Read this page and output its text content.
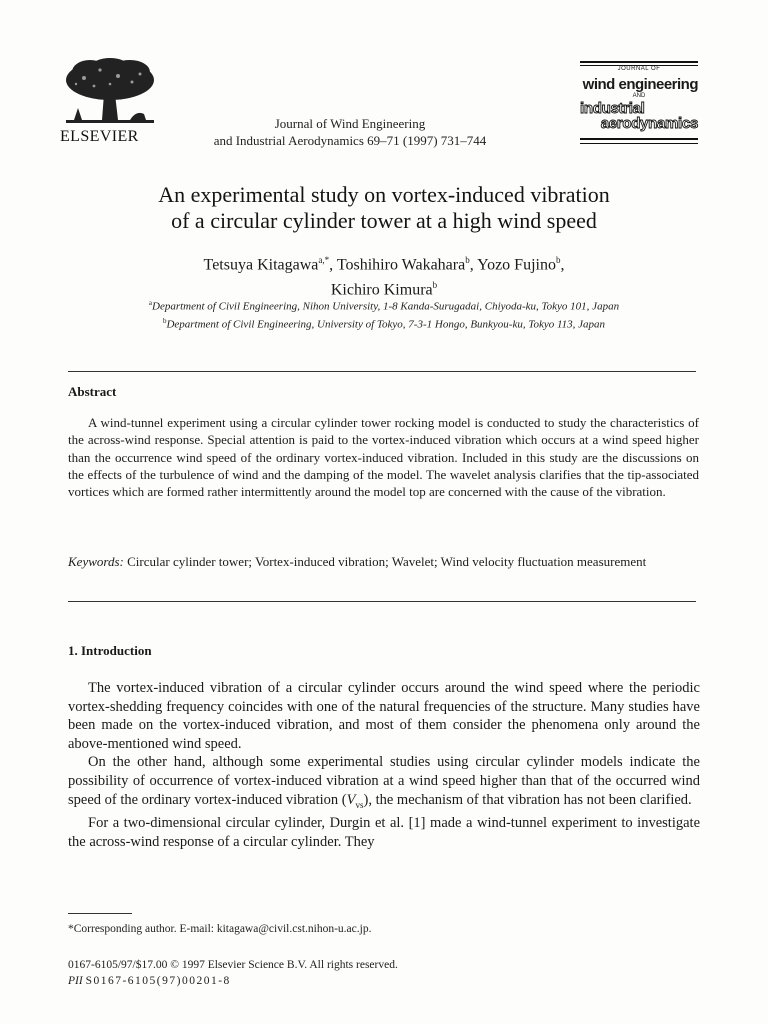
ELSEVIER
Journal of Wind Engineering
and Industrial Aerodynamics 69–71 (1997) 731–744
JOURNAL OF
wind engineering
AND
industrial
aerodynamics
An experimental study on vortex-induced vibration
of a circular cylinder tower at a high wind speed
Tetsuya Kitagawa$^{a,*}$, Toshihiro Wakahara$^b$, Yozo Fujino$^b$,
Kichiro Kimura$^b$
$^a$Department of Civil Engineering, Nihon University, 1-8 Kanda-Surugadai, Chiyoda-ku, Tokyo 101, Japan
$^b$Department of Civil Engineering, University of Tokyo, 7-3-1 Hongo, Bunkyou-ku, Tokyo 113, Japan
Abstract

A wind-tunnel experiment using a circular cylinder tower rocking model is conducted to study the characteristics of the across-wind response. Special attention is paid to the vortex-induced vibration which occurs at a wind speed higher than the occurrence wind speed of the ordinary vortex-induced vibration. Included in this study are the discussions on the effects of the turbulence of wind and the damping of the model. The wavelet analysis clarifies that the tip-associated vortices which are formed rather intermittently around the model top are concerned with the cause of the vibration.

Keywords: Circular cylinder tower; Vortex-induced vibration; Wavelet; Wind velocity fluctuation measurement

1. Introduction

The vortex-induced vibration of a circular cylinder occurs around the wind speed where the periodic vortex-shedding frequency coincides with one of the natural frequencies of the structure. Many studies have been made on the vortex-induced vibration, and most of them consider the phenomena only around the above-mentioned wind speed.

On the other hand, although some experimental studies using circular cylinder models indicate the possibility of occurrence of vortex-induced vibration at a wind speed higher than that of the occurred wind speed of the ordinary vortex-induced vibration $(V_{vs})$, the mechanism of that vibration has not been clarified.

For a two-dimensional circular cylinder, Durgin et al. [1] made a wind-tunnel experiment to investigate the across-wind response of a circular cylinder. They

*Corresponding author. E-mail: kitagawa@civil.cst.nihon-u.ac.jp.
0167-6105/97/$17.00 © 1997 Elsevier Science B.V. All rights reserved.
PII S0167-6105(97)00201-8
